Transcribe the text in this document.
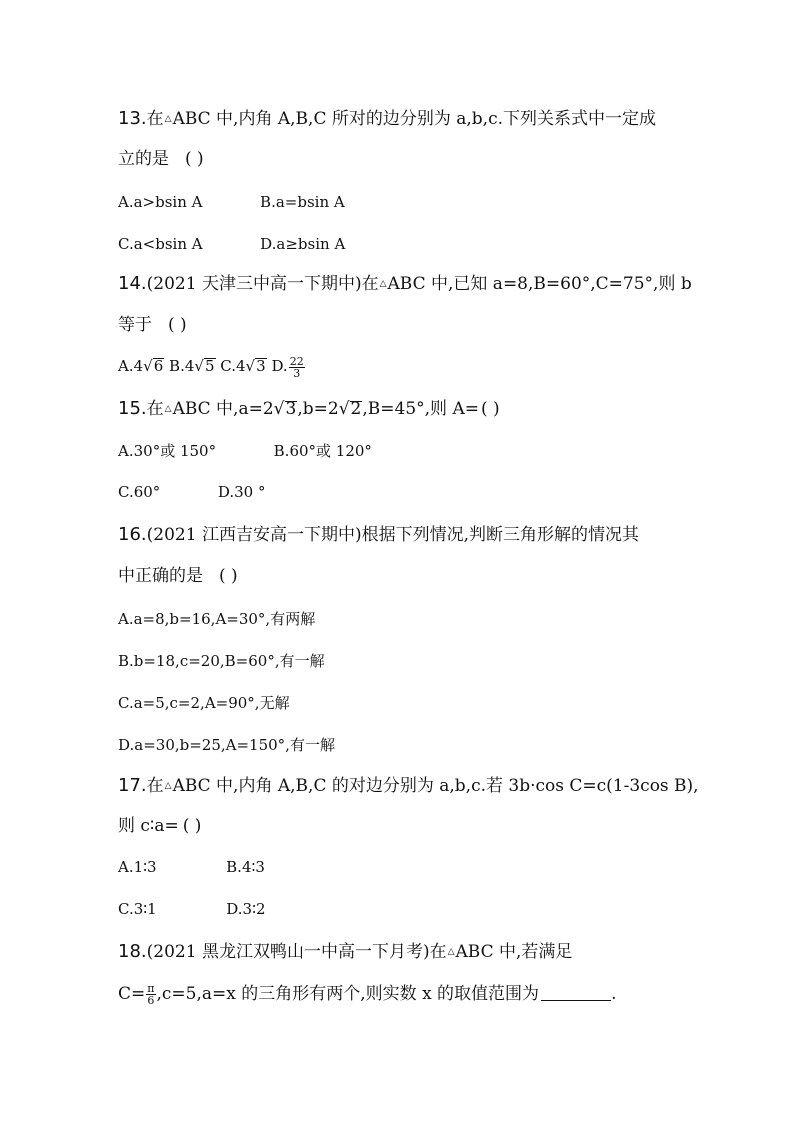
13.在△ABC 中,内角 A,B,C 所对的边分别为 a,b,c.下列关系式中一定成
立的是 ( )
A.a>bsin A	B.a=bsin A
C.a<bsin A	D.a≥bsin A
14.(2021 天津三中高一下期中)在△ABC 中,已知 a=8,B=60°,C=75°,则 b
等于 ( )
A.4√6 B.4√5 C.4√3 D. $\frac{22}{3}$
15.在△ABC 中,a=2√3,b=2√2,B=45°,则 A= ( )
A.30°或 150°	B.60°或 120°
C.60°	D.30 °
16.(2021 江西吉安高一下期中)根据下列情况,判断三角形解的情况其
中正确的是 ( )
A.a=8,b=16,A=30°,有两解
B.b=18,c=20,B=60°,有一解
C.a=5,c=2,A=90°,无解
D.a=30,b=25,A=150°,有一解
17.在△ABC 中,内角 A,B,C 的对边分别为 a,b,c.若 3b·cos C=c(1-3cos B),
则 c∶a= ( )
A.1∶3	B.4∶3
C.3∶1	D.3∶2
18.(2021 黑龙江双鸭山一中高一下月考)在△ABC 中,若满足
$C= \frac{\pi}{6} ,c=5,a=x$ 的三角形有两个,则实数 x 的取值范围为	.
